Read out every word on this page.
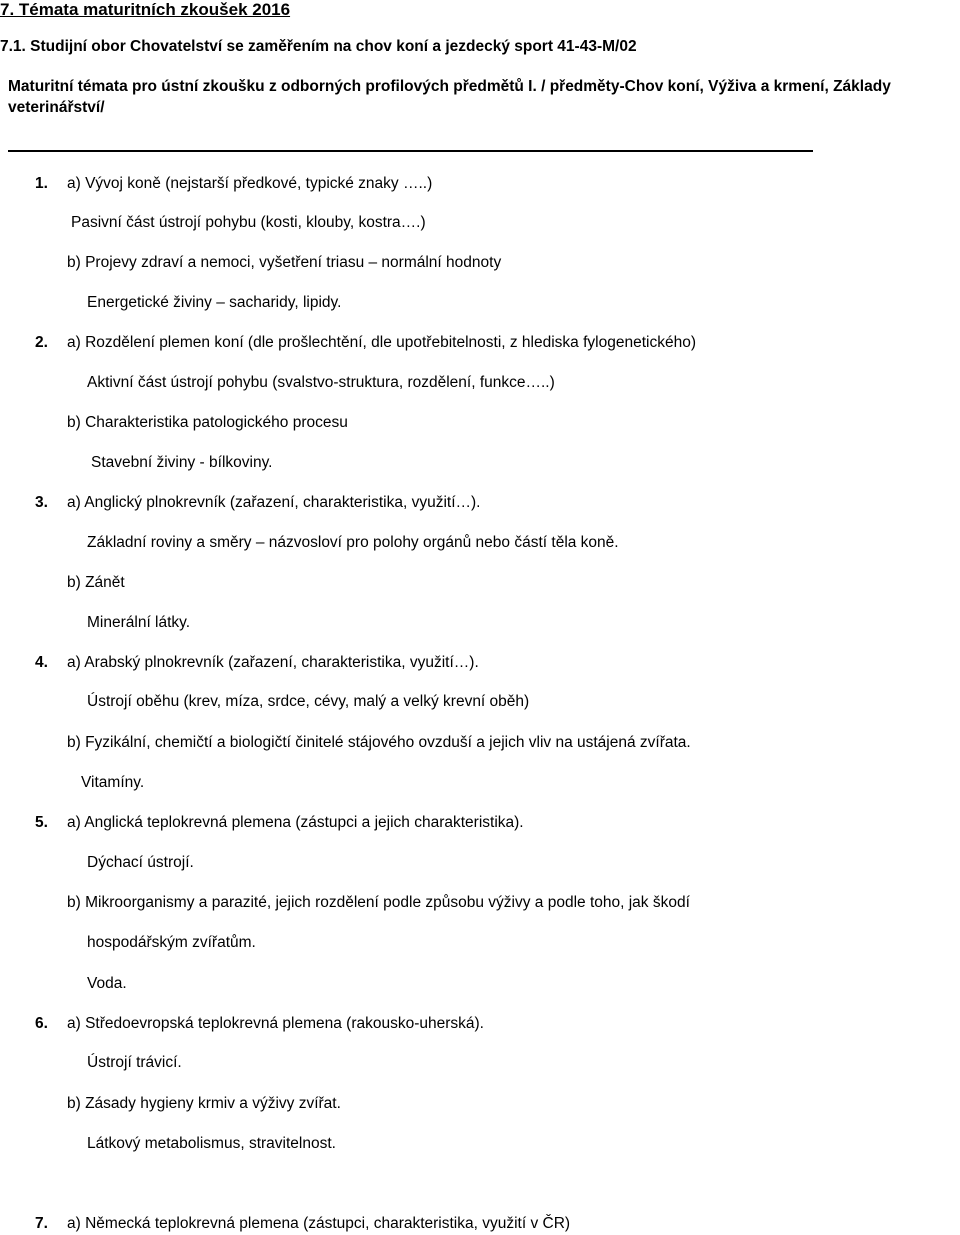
7. Témata maturitních zkoušek 2016
7.1. Studijní obor Chovatelství se zaměřením na chov koní a jezdecký sport 41-43-M/02
Maturitní témata pro ústní zkoušku z odborných profilových předmětů I. / předměty-Chov koní, Výživa a krmení, Základy veterinářství/
1. a) Vývoj koně (nejstarší předkové, typické znaky …..)
Pasivní část ústrojí pohybu (kosti, klouby, kostra….)
b) Projevy zdraví a nemoci, vyšetření triasu – normální hodnoty
Energetické živiny – sacharidy, lipidy.
2. a) Rozdělení plemen koní (dle prošlechtění, dle upotřebitelnosti, z hlediska fylogenetického)
Aktivní část ústrojí pohybu (svalstvo-struktura, rozdělení, funkce…..)
b) Charakteristika patologického procesu
Stavební živiny - bílkoviny.
3. a) Anglický plnokrevník (zařazení, charakteristika, využití…).
Základní roviny a směry – názvosloví pro polohy orgánů nebo částí těla koně.
b) Zánět
Minerální látky.
4. a) Arabský plnokrevník (zařazení, charakteristika, využití…).
Ústrojí oběhu (krev, míza, srdce, cévy, malý a velký krevní oběh)
b) Fyzikální, chemičtí a biologičtí činitelé stájového ovzduší a jejich vliv na ustájená zvířata.
Vitamíny.
5. a) Anglická teplokrevná plemena (zástupci a jejich charakteristika).
Dýchací ústrojí.
b) Mikroorganismy a parazité, jejich rozdělení podle způsobu výživy a podle toho, jak škodí
hospodářským zvířatům.
Voda.
6. a) Středoevropská teplokrevná plemena (rakousko-uherská).
Ústrojí trávicí.
b) Zásady hygieny krmiv a výživy zvířat.
Látkový metabolismus, stravitelnost.
7. a) Německá teplokrevná plemena (zástupci, charakteristika, využití v ČR)
